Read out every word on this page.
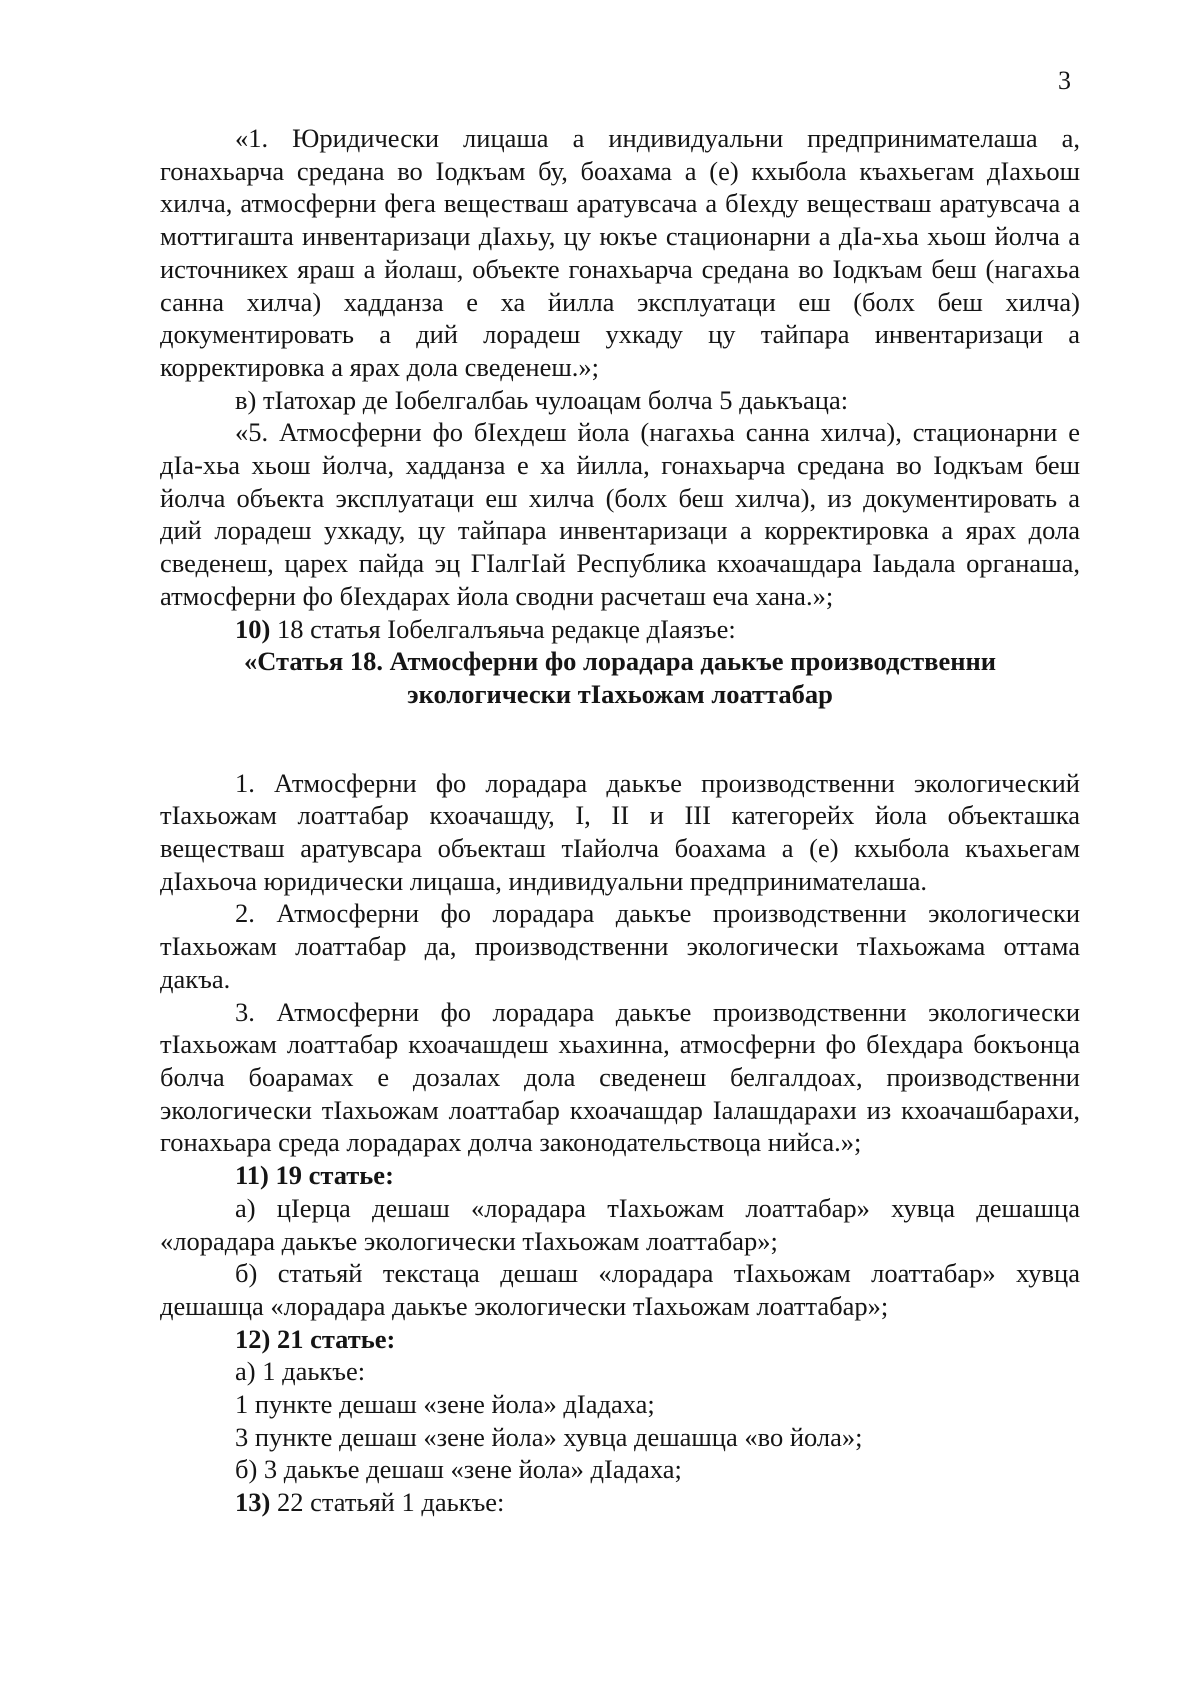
3

«1. Юридически лицаша а индивидуальни предпринимателаша а, гонахьарча средана во Іодкъам бу, боахама а (е) кхыбола къахьегам дІахьош хилча, атмосферни фега веществаш аратувсача а бІехду веществаш аратувсача а моттигашта инвентаризаци дІахьу, цу юкъе стационарни а дІа-хьа хьош йолча а источникех яраш а йолаш, объекте гонахьарча средана во Іодкъам беш (нагахьа санна хилча) хадданза е ха йилла эксплуатаци еш (болх беш хилча) документировать а дий лорадеш ухкаду цу тайпара инвентаризаци а корректировка а ярах дола сведенеш.»;

в) тІатохар де Іобелгалбаь чулоацам болча 5 даькъаца:

«5. Атмосферни фо бІехдеш йола (нагахьа санна хилча), стационарни е дІа-хьа хьош йолча, хадданза е ха йилла, гонахьарча средана во Іодкъам беш йолча объекта эксплуатаци еш хилча (болх беш хилча), из документировать а дий лорадеш ухкаду, цу тайпара инвентаризаци а корректировка а ярах дола сведенеш, царех пайда эц ГІалгІай Республика кхоачашдара Іаьдала органаша, атмосферни фо бІехдарах йола сводни расчеташ еча хана.»;

10) 18 статья Іобелгалъяьча редакце дІаязъе:

«Статья 18. Атмосферни фо лорадара даькъе производственни
экологически тІахьожам лоаттабар

1. Атмосферни фо лорадара даькъе производственни экологический тІахьожам лоаттабар кхоачашду, I, II и III категорейх йола объекташка веществаш аратувсара объекташ тІайолча боахама а (е) кхыбола къахьегам дІахьоча юридически лицаша, индивидуальни предпринимателаша.

2. Атмосферни фо лорадара даькъе производственни экологически тІахьожам лоаттабар да, производственни экологически тІахьожама оттама дакъа.

3. Атмосферни фо лорадара даькъе производственни экологически тІахьожам лоаттабар кхоачашдеш хьахинна, атмосферни фо бІехдара бокъонца болча боарамах е дозалах дола сведенеш белгалдоах, производственни экологически тІахьожам лоаттабар кхоачашдар Іалашдарахи из кхоачашбарахи, гонахьара среда лорадарах долча законодательствоца нийса.»;

11) 19 статье:

а) цІерца дешаш «лорадара тІахьожам лоаттабар» хувца дешашца «лорадара даькъе экологически тІахьожам лоаттабар»;

б) статьяй текстаца дешаш «лорадара тІахьожам лоаттабар» хувца дешашца «лорадара даькъе экологически тІахьожам лоаттабар»;

12) 21 статье:

а) 1 даькъе:

1 пункте дешаш «зене йола» дІадаха;

3 пункте дешаш «зене йола» хувца дешашца «во йола»;

б) 3 даькъе дешаш «зене йола» дІадаха;

13) 22 статьяй 1 даькъе:
